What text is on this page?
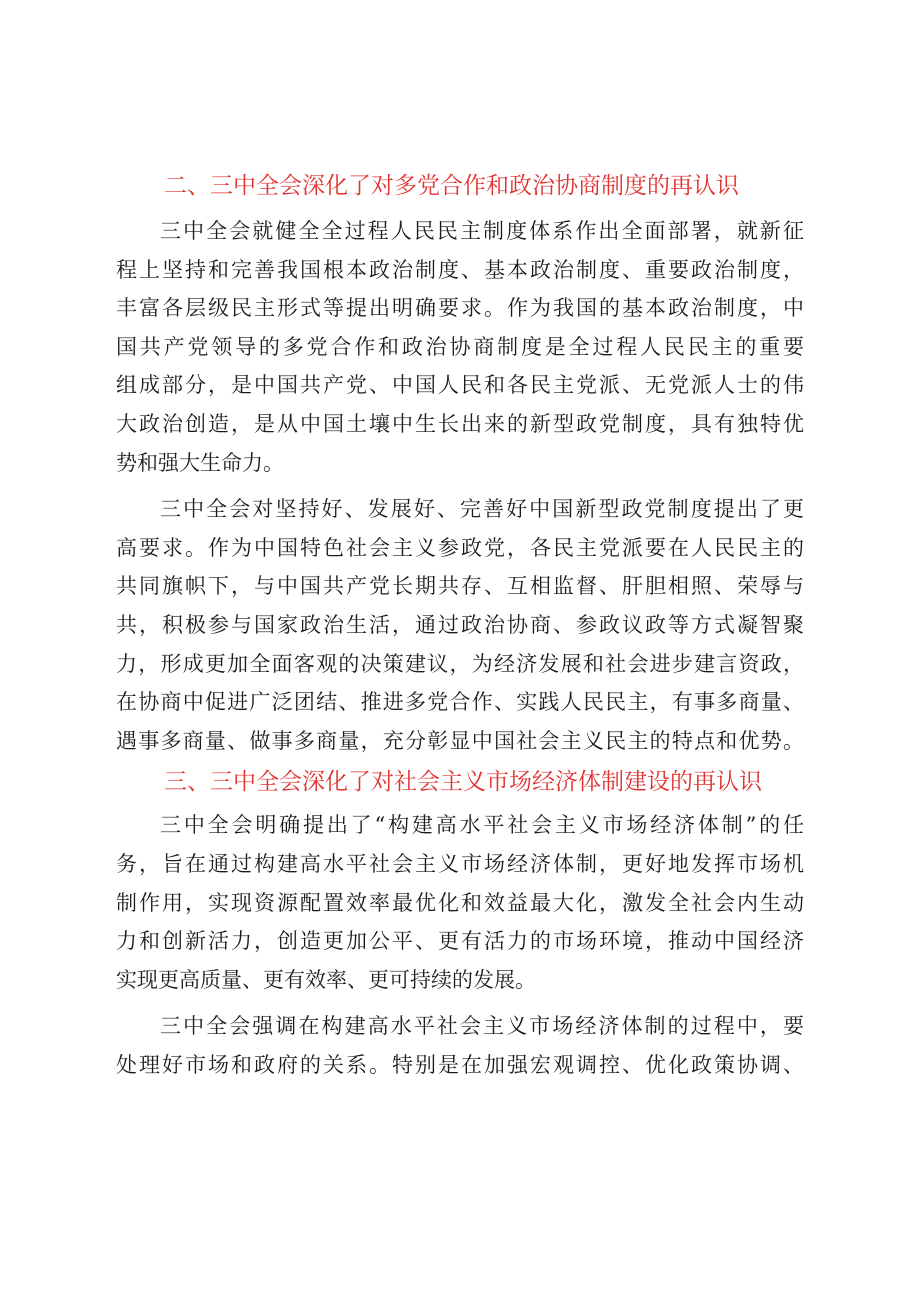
二、三中全会深化了对多党合作和政治协商制度的再认识

三中全会就健全全过程人民民主制度体系作出全面部署，就新征
程上坚持和完善我国根本政治制度、基本政治制度、重要政治制度，
丰富各层级民主形式等提出明确要求。作为我国的基本政治制度，中
国共产党领导的多党合作和政治协商制度是全过程人民民主的重要
组成部分，是中国共产党、中国人民和各民主党派、无党派人士的伟
大政治创造，是从中国土壤中生长出来的新型政党制度，具有独特优
势和强大生命力。

三中全会对坚持好、发展好、完善好中国新型政党制度提出了更
高要求。作为中国特色社会主义参政党，各民主党派要在人民民主的
共同旗帜下，与中国共产党长期共存、互相监督、肝胆相照、荣辱与
共，积极参与国家政治生活，通过政治协商、参政议政等方式凝智聚
力，形成更加全面客观的决策建议，为经济发展和社会进步建言资政，
在协商中促进广泛团结、推进多党合作、实践人民民主，有事多商量、
遇事多商量、做事多商量，充分彰显中国社会主义民主的特点和优势。

三、三中全会深化了对社会主义市场经济体制建设的再认识

三中全会明确提出了“构建高水平社会主义市场经济体制”的任
务，旨在通过构建高水平社会主义市场经济体制，更好地发挥市场机
制作用，实现资源配置效率最优化和效益最大化，激发全社会内生动
力和创新活力，创造更加公平、更有活力的市场环境，推动中国经济
实现更高质量、更有效率、更可持续的发展。

三中全会强调在构建高水平社会主义市场经济体制的过程中，要
处理好市场和政府的关系。特别是在加强宏观调控、优化政策协调、
